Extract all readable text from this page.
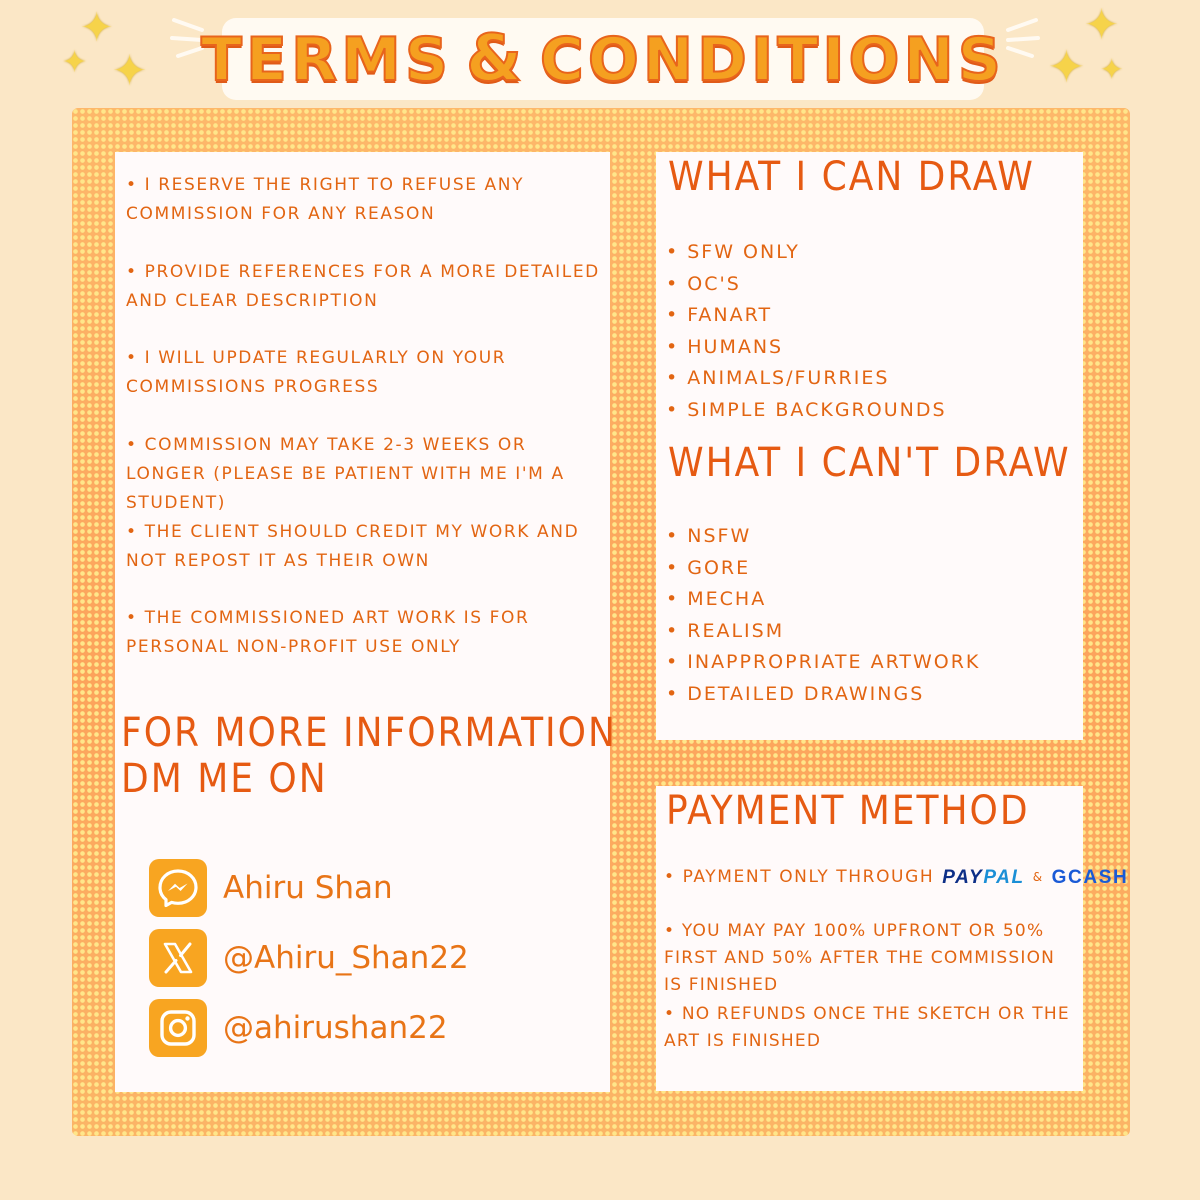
✦
✦ ✦
✦
✦ ✦
TERMS & CONDITIONS
• I RESERVE THE RIGHT TO REFUSE ANY COMMISSION FOR ANY REASON
• PROVIDE REFERENCES FOR A MORE DETAILED AND CLEAR DESCRIPTION
• I WILL UPDATE REGULARLY ON YOUR COMMISSIONS PROGRESS
• COMMISSION MAY TAKE 2-3 WEEKS OR LONGER (PLEASE BE PATIENT WITH ME I'M A STUDENT)
• THE CLIENT SHOULD CREDIT MY WORK AND NOT REPOST IT AS THEIR OWN
• THE COMMISSIONED ART WORK IS FOR PERSONAL NON-PROFIT USE ONLY
FOR MORE INFORMATION
DM ME ON
Ahiru Shan
@Ahiru_Shan22
@ahirushan22
WHAT I CAN DRAW
• SFW ONLY
• OC'S
• FANART
• HUMANS
• ANIMALS/FURRIES
• SIMPLE BACKGROUNDS
WHAT I CAN'T DRAW
• NSFW
• GORE
• MECHA
• REALISM
• INAPPROPRIATE ARTWORK
• DETAILED DRAWINGS
PAYMENT METHOD
• PAYMENT ONLY THROUGH PAYPAL & GCASH
• YOU MAY PAY 100% UPFRONT OR 50% FIRST AND 50% AFTER THE COMMISSION IS FINISHED
• NO REFUNDS ONCE THE SKETCH OR THE ART IS FINISHED
